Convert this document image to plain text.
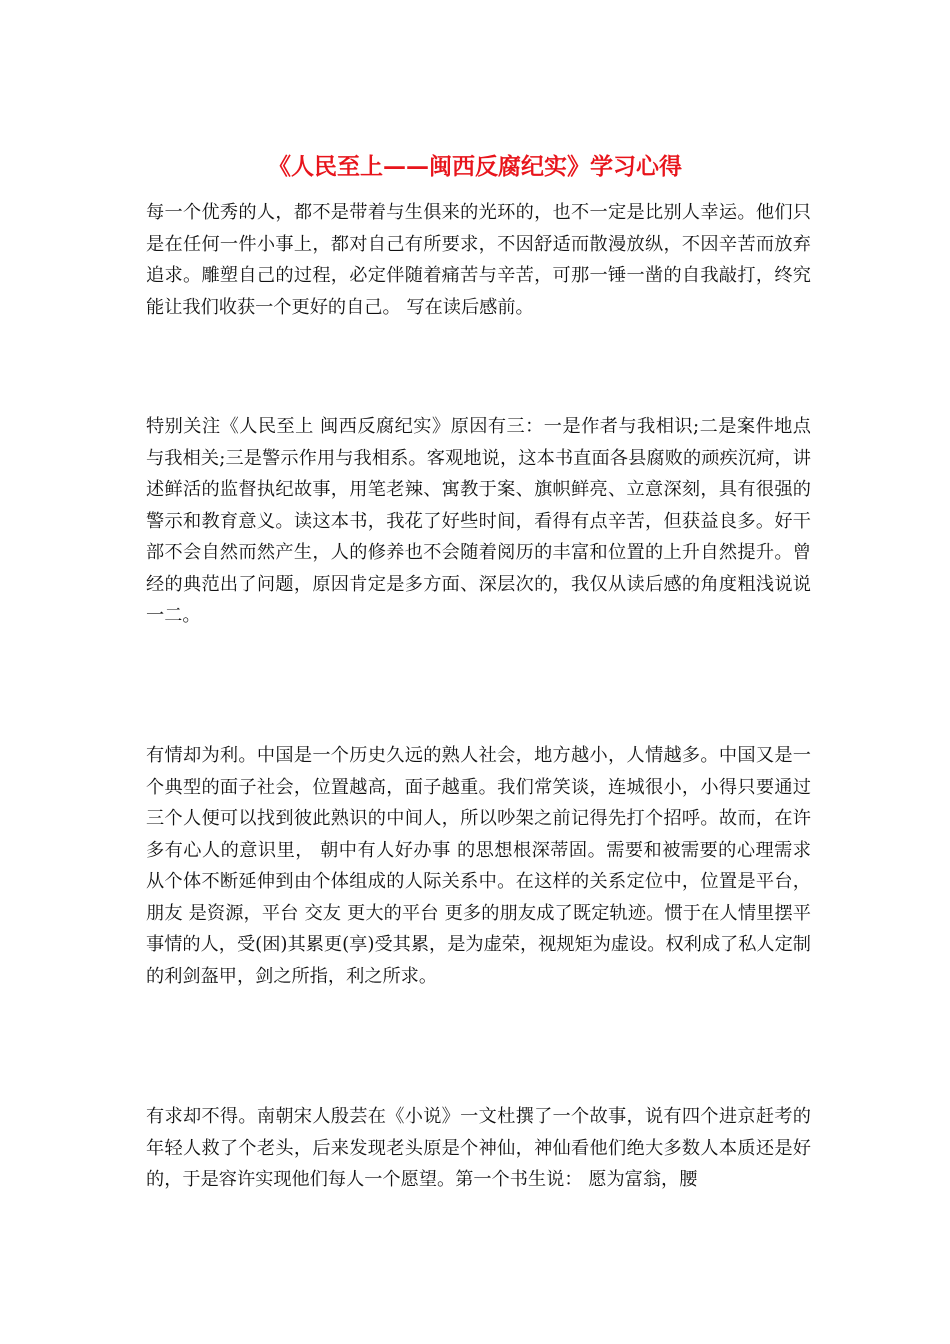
《人民至上——闽西反腐纪实》学习心得

每一个优秀的人，都不是带着与生俱来的光环的，也不一定是比别人幸运。他们只是在任何一件小事上，都对自己有所要求，不因舒适而散漫放纵，不因辛苦而放弃追求。雕塑自己的过程，必定伴随着痛苦与辛苦，可那一锤一凿的自我敲打，终究能让我们收获一个更好的自己。 写在读后感前。

特别关注《人民至上 闽西反腐纪实》原因有三：一是作者与我相识;二是案件地点与我相关;三是警示作用与我相系。客观地说，这本书直面各县腐败的顽疾沉疴，讲述鲜活的监督执纪故事，用笔老辣、寓教于案、旗帜鲜亮、立意深刻，具有很强的警示和教育意义。读这本书，我花了好些时间，看得有点辛苦，但获益良多。好干部不会自然而然产生，人的修养也不会随着阅历的丰富和位置的上升自然提升。曾经的典范出了问题，原因肯定是多方面、深层次的，我仅从读后感的角度粗浅说说一二。

有情却为利。中国是一个历史久远的熟人社会，地方越小，人情越多。中国又是一个典型的面子社会，位置越高，面子越重。我们常笑谈，连城很小，小得只要通过三个人便可以找到彼此熟识的中间人，所以吵架之前记得先打个招呼。故而，在许多有心人的意识里， 朝中有人好办事 的思想根深蒂固。需要和被需要的心理需求从个体不断延伸到由个体组成的人际关系中。在这样的关系定位中，位置是平台， 朋友 是资源，平台 交友 更大的平台 更多的朋友成了既定轨迹。惯于在人情里摆平事情的人，受(困)其累更(享)受其累，是为虚荣，视规矩为虚设。权利成了私人定制的利剑盔甲，剑之所指，利之所求。

有求却不得。南朝宋人殷芸在《小说》一文杜撰了一个故事，说有四个进京赶考的年轻人救了个老头，后来发现老头原是个神仙，神仙看他们绝大多数人本质还是好的，于是容许实现他们每人一个愿望。第一个书生说： 愿为富翁，腰
